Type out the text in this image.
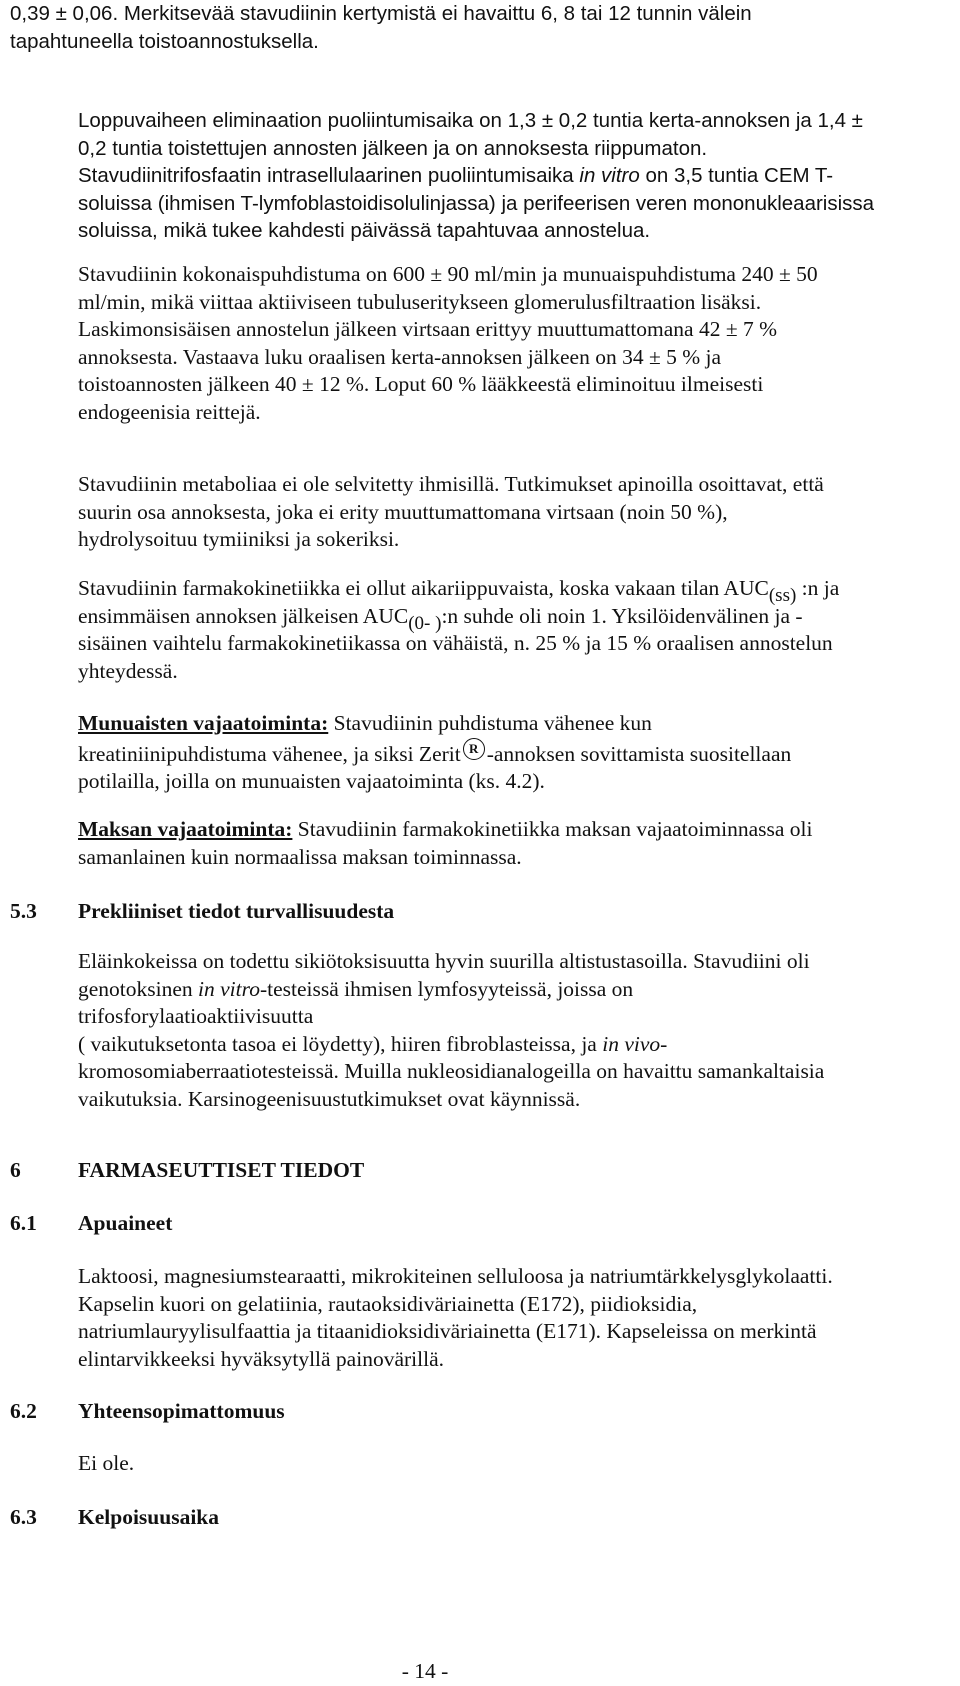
0,39 ± 0,06. Merkitsevää stavudiinin kertymistä ei havaittu 6, 8 tai 12 tunnin välein
tapahtuneella toistoannostuksella.

Loppuvaiheen eliminaation puoliintumisaika on 1,3 ± 0,2 tuntia kerta-annoksen ja 1,4 ±
0,2 tuntia toistettujen annosten jälkeen ja on annoksesta riippumaton.
Stavudiinitrifosfaatin intrasellulaarinen puoliintumisaika in vitro on 3,5 tuntia CEM T-
soluissa (ihmisen T-lymfoblastoidisolulinjassa) ja perifeerisen veren mononukleaarisissa
soluissa, mikä tukee kahdesti päivässä tapahtuvaa annostelua.

Stavudiinin kokonaispuhdistuma on 600 ± 90 ml/min ja munuaispuhdistuma 240 ± 50
ml/min, mikä viittaa aktiiviseen tubuluseritykseen glomerulusfiltraation lisäksi.
Laskimonsisäisen annostelun jälkeen virtsaan erittyy muuttumattomana 42 ± 7 %
annoksesta. Vastaava luku oraalisen kerta-annoksen jälkeen on 34 ± 5 % ja
toistoannosten jälkeen 40 ± 12 %. Loput 60 % lääkkeestä eliminoituu ilmeisesti
endogeenisia reittejä.

Stavudiinin metaboliaa ei ole selvitetty ihmisillä. Tutkimukset apinoilla osoittavat, että
suurin osa annoksesta, joka ei erity muuttumattomana virtsaan (noin 50 %),
hydrolysoituu tymiiniksi ja sokeriksi.

Stavudiinin farmakokinetiikka ei ollut aikariippuvaista, koska vakaan tilan $AUC_{(ss)}$ :n ja
ensimmäisen annoksen jälkeisen $AUC_{(0- )}:n$ suhde oli noin 1. Yksilöidenvälinen ja -
sisäinen vaihtelu farmakokinetiikassa on vähäistä, n. 25 % ja 15 % oraalisen annostelun
yhteydessä.

Munuaisten vajaatoiminta: Stavudiinin puhdistuma vähenee kun
kreatiniinipuhdistuma vähenee, ja siksi Zerit R -annoksen sovittamista suositellaan
potilailla, joilla on munuaisten vajaatoiminta (ks. 4.2).

Maksan vajaatoiminta: Stavudiinin farmakokinetiikka maksan vajaatoiminnassa oli
samanlainen kuin normaalissa maksan toiminnassa.

5.3 Prekliiniset tiedot turvallisuudesta

Eläinkokeissa on todettu sikiötoksisuutta hyvin suurilla altistustasoilla. Stavudiini oli
genotoksinen in vitro-testeissä ihmisen lymfosyyteissä, joissa on
trifosforylaatioaktiivisuutta
( vaikutuksetonta tasoa ei löydetty), hiiren fibroblasteissa, ja in vivo-
kromosomiaberraatiotesteissä. Muilla nukleosidianalogeilla on havaittu samankaltaisia
vaikutuksia. Karsinogeenisuustutkimukset ovat käynnissä.

6	FARMASEUTTISET TIEDOT

6.1 Apuaineet

Laktoosi, magnesiumstearaatti, mikrokiteinen selluloosa ja natriumtärkkelysglykolaatti.
Kapselin kuori on gelatiinia, rautaoksidiväriainetta (E172), piidioksidia,
natriumlauryylisulfaattia ja titaanidioksidiväriainetta (E171). Kapseleissa on merkintä
elintarvikkeeksi hyväksytyllä painovärillä.

6.2 Yhteensopimattomuus

Ei ole.

6.3 Kelpoisuusaika

- 14 -
